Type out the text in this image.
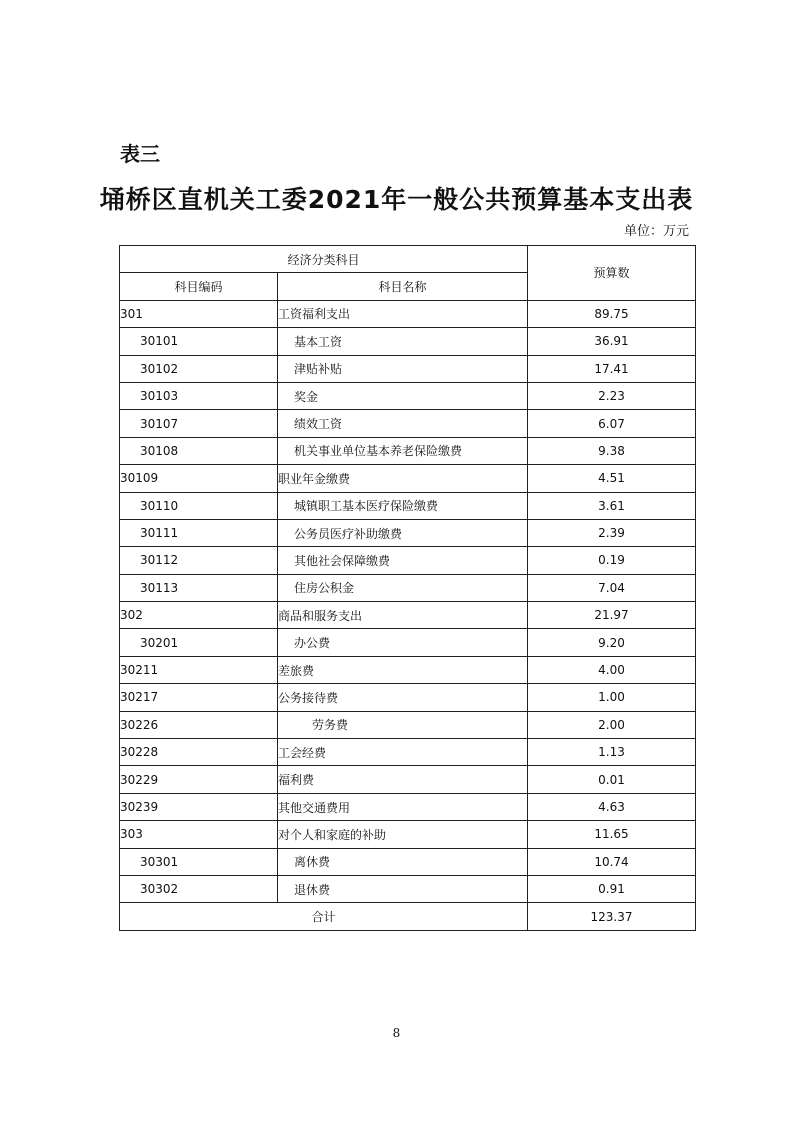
表三
埇桥区直机关工委2021年一般公共预算基本支出表
单位：万元
经济分类科目		预算数
科目编码	科目名称	
301	工资福利支出	89.75
30101	基本工资	36.91
30102	津贴补贴	17.41
30103	奖金	2.23
30107	绩效工资	6.07
30108	机关事业单位基本养老保险缴费	9.38
30109	职业年金缴费	4.51
30110	城镇职工基本医疗保险缴费	3.61
30111	公务员医疗补助缴费	2.39
30112	其他社会保障缴费	0.19
30113	住房公积金	7.04
302	商品和服务支出	21.97
30201	办公费	9.20
30211	差旅费	4.00
30217	公务接待费	1.00
30226	劳务费	2.00
30228	工会经费	1.13
30229	福利费	0.01
30239	其他交通费用	4.63
303	对个人和家庭的补助	11.65
30301	离休费	10.74
30302	退休费	0.91
合计		123.37
8
